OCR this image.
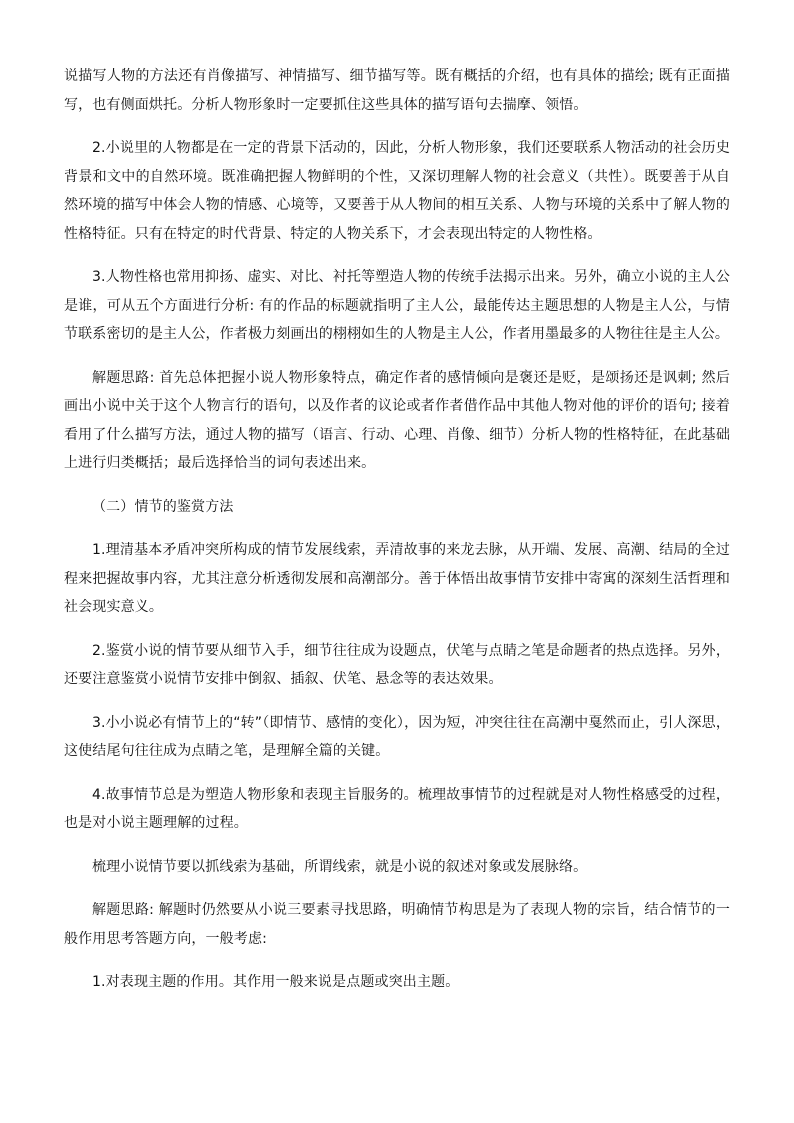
说描写人物的方法还有肖像描写、神情描写、细节描写等。既有概括的介绍，也有具体的描绘; 既有正面描写，也有侧面烘托。分析人物形象时一定要抓住这些具体的描写语句去揣摩、领悟。

2.小说里的人物都是在一定的背景下活动的，因此，分析人物形象，我们还要联系人物活动的社会历史背景和文中的自然环境。既准确把握人物鲜明的个性，又深切理解人物的社会意义（共性）。既要善于从自然环境的描写中体会人物的情感、心境等，又要善于从人物间的相互关系、人物与环境的关系中了解人物的性格特征。只有在特定的时代背景、特定的人物关系下，才会表现出特定的人物性格。

3.人物性格也常用抑扬、虚实、对比、衬托等塑造人物的传统手法揭示出来。另外，确立小说的主人公是谁，可从五个方面进行分析: 有的作品的标题就指明了主人公，最能传达主题思想的人物是主人公，与情节联系密切的是主人公，作者极力刻画出的栩栩如生的人物是主人公，作者用墨最多的人物往往是主人公。

解题思路: 首先总体把握小说人物形象特点，确定作者的感情倾向是褒还是贬，是颂扬还是讽刺; 然后画出小说中关于这个人物言行的语句，以及作者的议论或者作者借作品中其他人物对他的评价的语句; 接着看用了什么描写方法，通过人物的描写（语言、行动、心理、肖像、细节）分析人物的性格特征，在此基础上进行归类概括；最后选择恰当的词句表述出来。

（二）情节的鉴赏方法

1.理清基本矛盾冲突所构成的情节发展线索，弄清故事的来龙去脉，从开端、发展、高潮、结局的全过程来把握故事内容，尤其注意分析透彻发展和高潮部分。善于体悟出故事情节安排中寄寓的深刻生活哲理和社会现实意义。

2.鉴赏小说的情节要从细节入手，细节往往成为设题点，伏笔与点睛之笔是命题者的热点选择。另外，还要注意鉴赏小说情节安排中倒叙、插叙、伏笔、悬念等的表达效果。

3.小小说必有情节上的“转”（即情节、感情的变化），因为短，冲突往往在高潮中戛然而止，引人深思，这使结尾句往往成为点睛之笔，是理解全篇的关键。

4.故事情节总是为塑造人物形象和表现主旨服务的。梳理故事情节的过程就是对人物性格感受的过程，也是对小说主题理解的过程。

梳理小说情节要以抓线索为基础，所谓线索，就是小说的叙述对象或发展脉络。

解题思路: 解题时仍然要从小说三要素寻找思路，明确情节构思是为了表现人物的宗旨，结合情节的一般作用思考答题方向，一般考虑:

1.对表现主题的作用。其作用一般来说是点题或突出主题。
